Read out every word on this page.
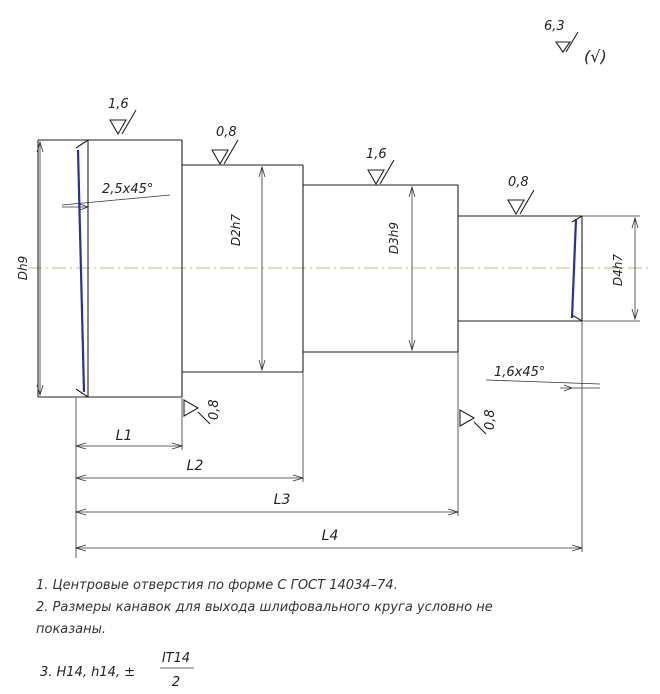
6,3
(√)
Dh9
D2h7	D3h9
D4h7
2,5х45°
1,6х45°
1,6
0,8
1,6
0,8
0,8	0,8
L1
L2
L3
L4
3. Н14, h14, ±
IT14
2
1. Центровые отверстия по форме С ГОСТ 14034–74.
2. Размеры канавок для выхода шлифовального круга условно не
показаны.
